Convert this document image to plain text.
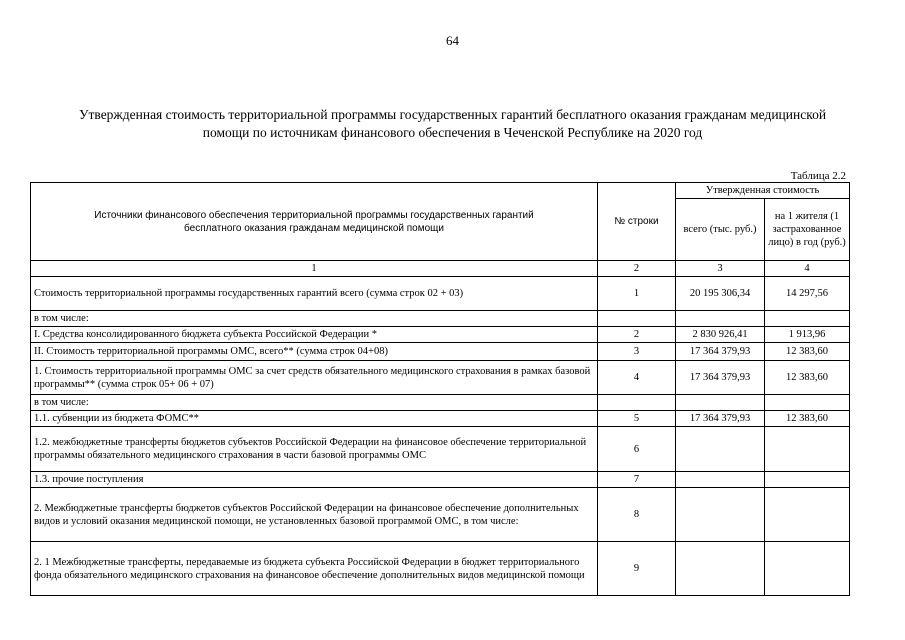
64
Утвержденная стоимость территориальной программы государственных гарантий бесплатного оказания гражданам медицинской
помощи по источникам финансового обеспечения в Чеченской Республике на 2020 год
Таблица 2.2
Источники финансового обеспечения территориальной программы государственных гарантий бесплатного оказания гражданам медицинской помощи	№ строки	Утвержденная стоимость	
		всего (тыс. руб.)	на 1 жителя (1 застрахованное лицо) в год (руб.)
1	2	3	4
Стоимость территориальной программы государственных гарантий всего (сумма строк 02 + 03)	1	20 195 306,34	14 297,56
в том числе:			
I. Средства консолидированного бюджета субъекта Российской Федерации *	2	2 830 926,41	1 913,96
II. Стоимость территориальной программы ОМС, всего** (сумма строк 04+08)	3	17 364 379,93	12 383,60
1. Стоимость территориальной программы ОМС за счет средств обязательного медицинского страхования в рамках базовой программы** (сумма строк 05+ 06 + 07)	4	17 364 379,93	12 383,60
в том числе:			
1.1. субвенции из бюджета ФОМС**	5	17 364 379,93	12 383,60
1.2. межбюджетные трансферты бюджетов субъектов Российской Федерации на финансовое обеспечение территориальной программы обязательного медицинского страхования в части базовой программы ОМС	6		
1.3. прочие поступления	7		
2. Межбюджетные трансферты бюджетов субъектов Российской Федерации на финансовое обеспечение дополнительных видов и условий оказания медицинской помощи, не установленных базовой программой ОМС, в том числе:	8		
2. 1 Межбюджетные трансферты, передаваемые из бюджета субъекта Российской Федерации в бюджет территориального фонда обязательного медицинского страхования на финансовое обеспечение дополнительных видов медицинской помощи	9		
